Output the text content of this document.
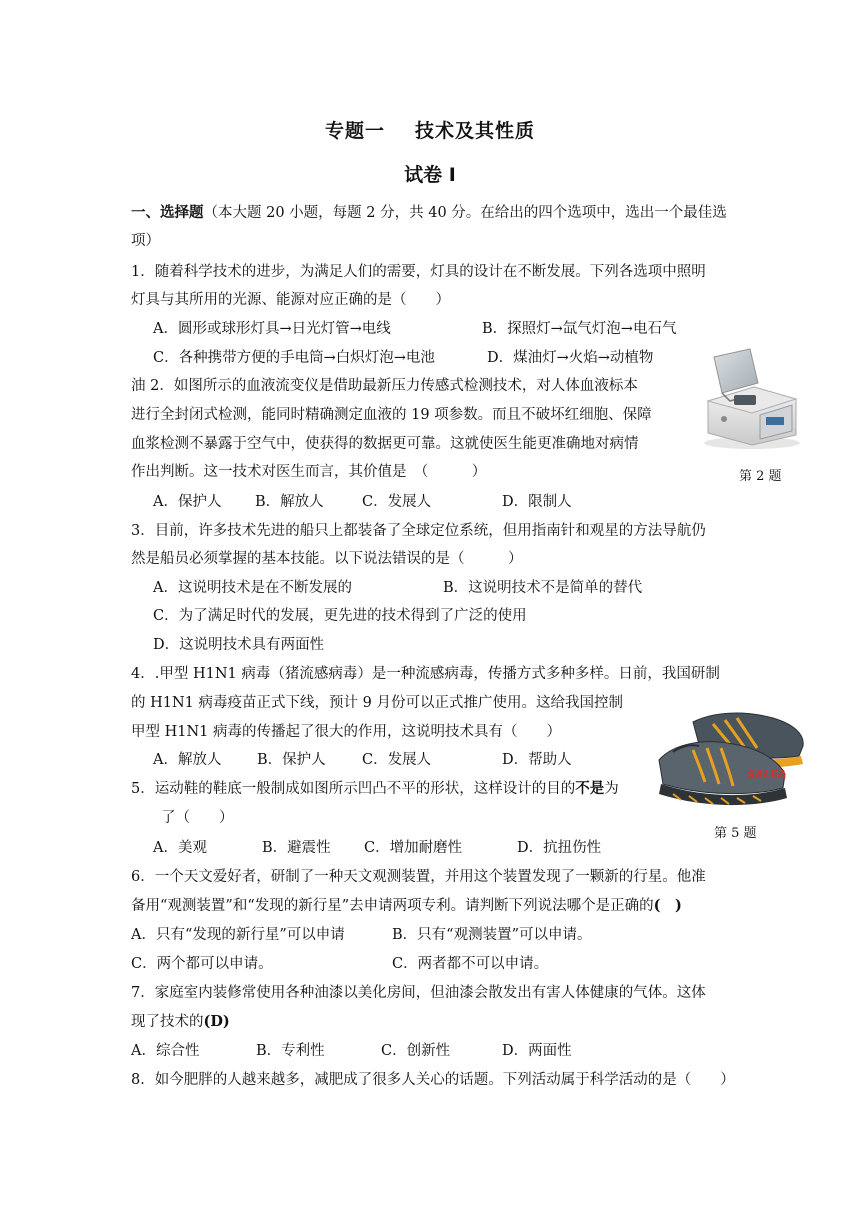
专题一 技术及其性质
试卷 I
一、选择题（本大题 20 小题，每题 2 分，共 40 分。在给出的四个选项中，选出一个最佳选
项）
1．随着科学技术的进步，为满足人们的需要，灯具的设计在不断发展。下列各选项中照明
灯具与其所用的光源、能源对应正确的是（　　）
A．圆形或球形灯具→日光灯管→电线	B．探照灯→氙气灯泡→电石气
C．各种携带方便的手电筒→白炽灯泡→电池	D．煤油灯→火焰→动植物
油 2．如图所示的血液流变仪是借助最新压力传感式检测技术，对人体血液标本
进行全封闭式检测，能同时精确测定血液的 19 项参数。而且不破坏红细胞、保障
血浆检测不暴露于空气中，使获得的数据更可靠。这就使医生能更准确地对病情
作出判断。这一技术对医生而言，其价值是　（　　　）
A．保护人 B．解放人	C．发展人	D．限制人
第 2 题
3．目前，许多技术先进的船只上都装备了全球定位系统，但用指南针和观星的方法导航仍
然是船员必须掌握的基本技能。以下说法错误的是（　　　）
A．这说明技术是在不断发展的	B．这说明技术不是简单的替代
C．为了满足时代的发展，更先进的技术得到了广泛的使用
D．这说明技术具有两面性
4．.甲型 H1N1 病毒（猪流感病毒）是一种流感病毒，传播方式多种多样。日前，我国研制
的 H1N1 病毒疫苗正式下线，预计 9 月份可以正式推广使用。这给我国控制
甲型 H1N1 病毒的传播起了很大的作用，这说明技术具有（　　）
A．解放人 B．保护人	C．发展人	D．帮助人
5．运动鞋的鞋底一般制成如图所示凹凸不平的形状，这样设计的目的不是为
了（　　）
A．美观	B．避震性 C．增加耐磨性	D．抗扭伤性
SALEA
第 5 题
6．一个天文爱好者，研制了一种天文观测装置，并用这个装置发现了一颗新的行星。他准
备用“观测装置”和“发现的新行星”去申请两项专利。请判断下列说法哪个是正确的(　)
A．只有“发现的新行星”可以申请	B．只有“观测装置”可以申请。
C．两个都可以申请。	C．两者都不可以申请。
7．家庭室内装修常使用各种油漆以美化房间，但油漆会散发出有害人体健康的气体。这体
现了技术的(D)
A．综合性	B．专利性	C．创新性	D．两面性
8．如今肥胖的人越来越多，减肥成了很多人关心的话题。下列活动属于科学活动的是（　　）
